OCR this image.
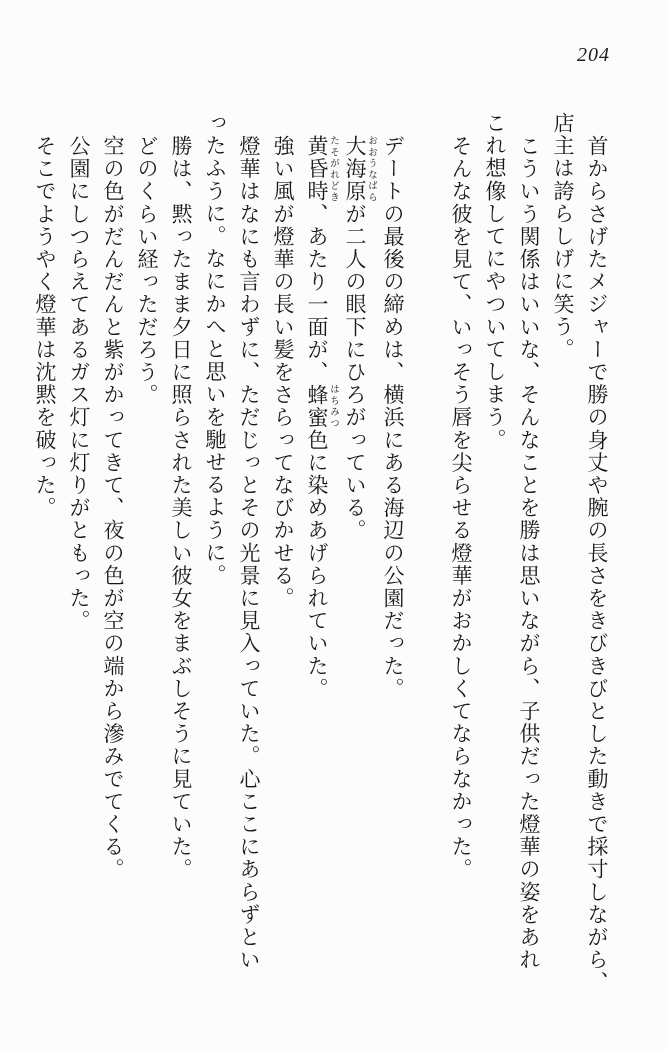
204

首からさげたメジャーで勝の身丈や腕の長さをきびきびとした動きで採寸しながら、

店主は誇らしげに笑う。

こういう関係はいいな、そんなことを勝は思いながら、子供だった燈華の姿をあれ

これ想像してにやついてしまう。

そんな彼を見て、いっそう唇を尖らせる燈華がおかしくてならなかった。

デートの最後の締めは、横浜にある海辺の公園だった。

大海原 おおうなばらが二人の眼下にひろがっている。

黄昏時 たそがれどき、あたり一面が、蜂蜜 はちみつ色に染めあげられていた。

強い風が燈華の長い髪をさらってなびかせる。

燈華はなにも言わずに、ただじっとその光景に見入っていた。心ここにあらずとい

ったふうに。なにかへと思いを馳せるように。

勝は、黙ったまま夕日に照らされた美しい彼女をまぶしそうに見ていた。

どのくらい経っただろう。

空の色がだんだんと紫がかってきて、夜の色が空の端から滲みでてくる。

公園にしつらえてあるガス灯に灯りがともった。

そこでようやく燈華は沈黙を破った。
